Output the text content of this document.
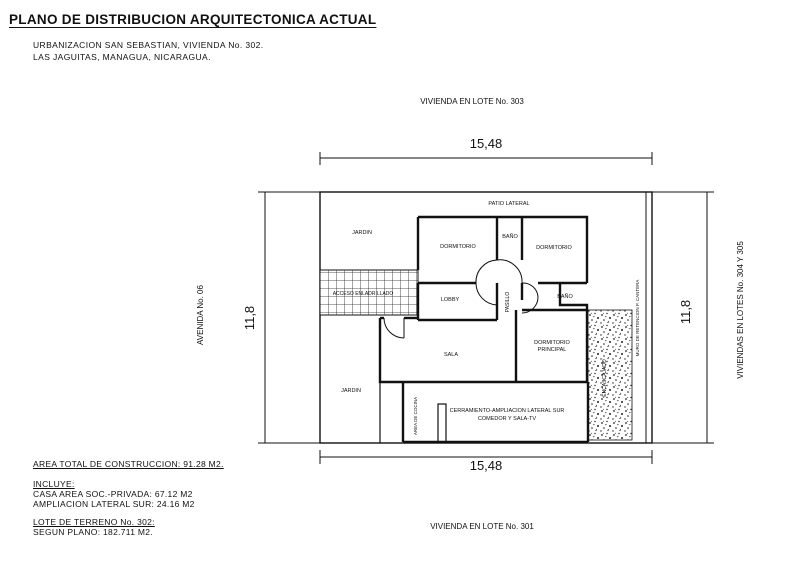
PLANO DE DISTRIBUCION ARQUITECTONICA ACTUAL
URBANIZACION SAN SEBASTIAN, VIVIENDA No. 302.
LAS JAGUITAS, MANAGUA, NICARAGUA.
VIVIENDA EN LOTE No. 303
VIVIENDA EN LOTE No. 301
VIVIENDAS EN LOTES No. 304 Y 305
AVENIDA No. 06
15,48
15,48
11,8	11,8
ACCESO ENLADRILLADO
ENCASCAJADO
JARDIN
PATIO LATERAL
DORMITORIO
BAÑO
DORMITORIO
LOBBY	PASILLO	BAÑO
SALA
DORMITORIO
PRINCIPAL
JARDIN
AREA DE COCINA	CERRAMIENTO-AMPLIACION LATERAL SUR
COMEDOR Y SALA-TV
MURO DE RETENCION P. CANTERA
AREA TOTAL DE CONSTRUCCION: 91.28 M2.
INCLUYE:
CASA AREA SOC.-PRIVADA: 67.12 M2
AMPLIACION LATERAL SUR: 24.16 M2
LOTE DE TERRENO No. 302:
SEGUN PLANO: 182.711 M2.
